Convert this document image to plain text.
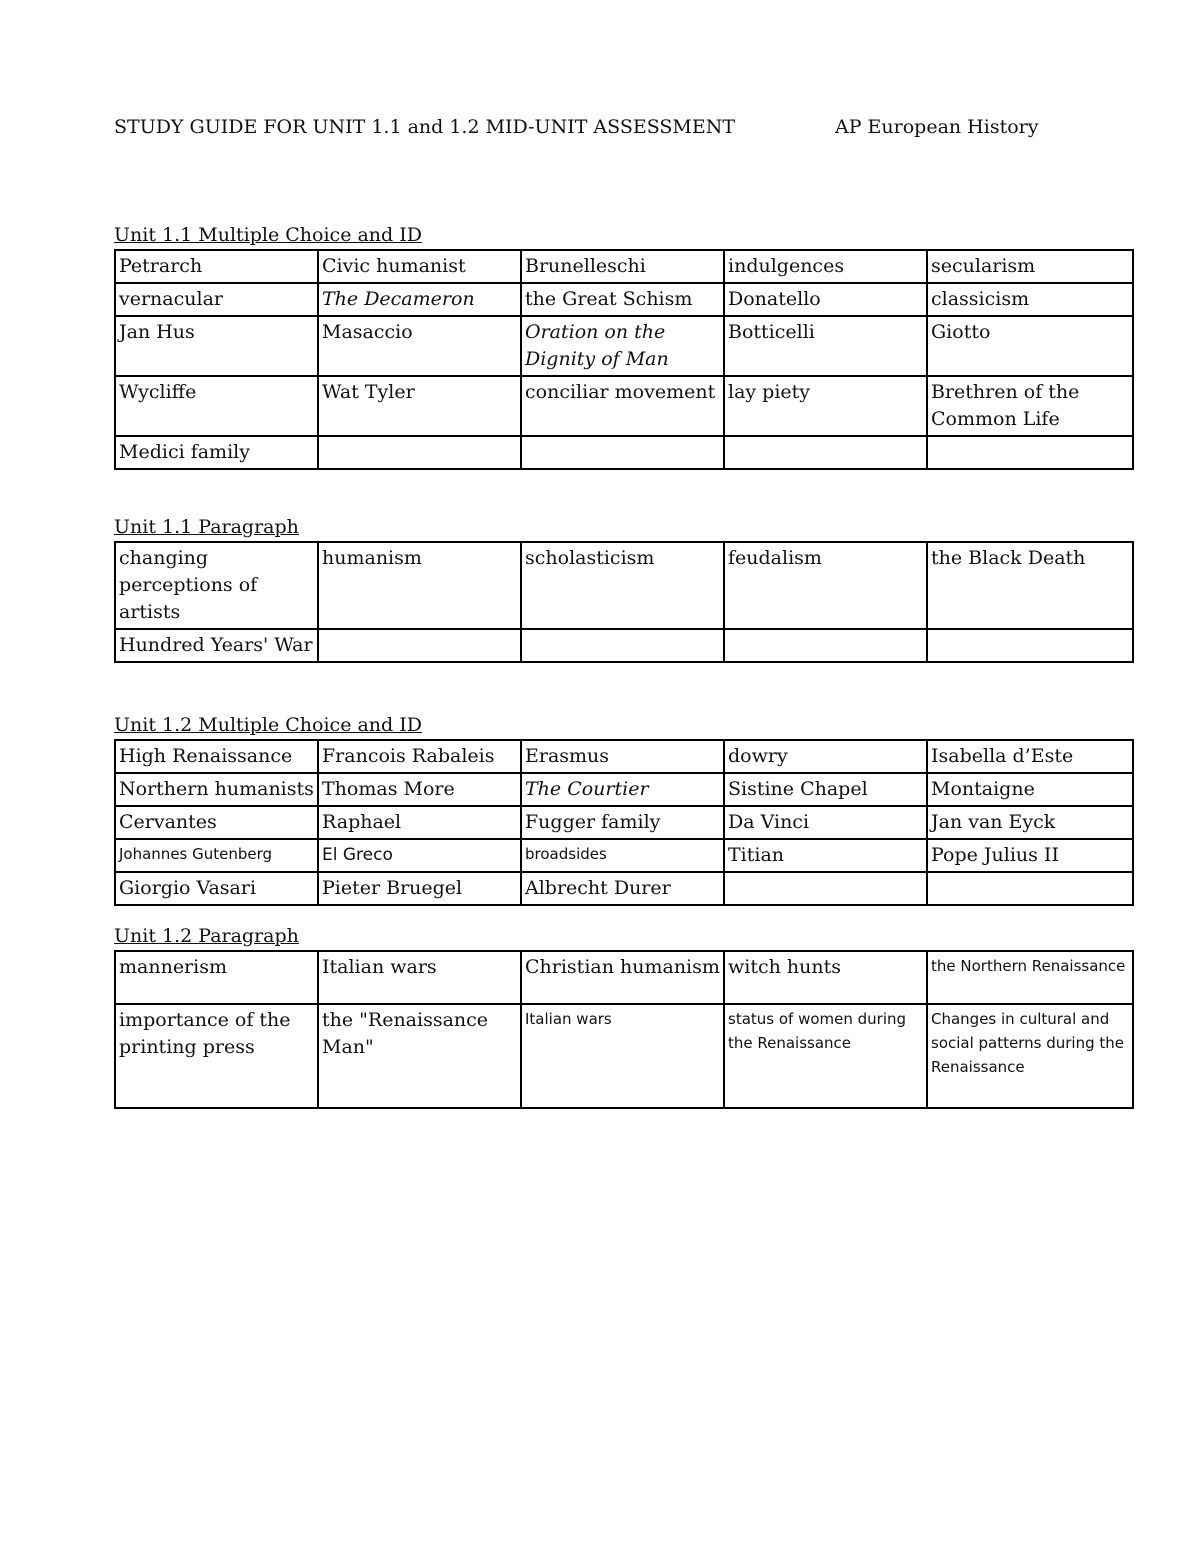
STUDY GUIDE FOR UNIT 1.1 and 1.2 MID-UNIT ASSESSMENT	AP European History
Unit 1.1 Multiple Choice and ID
Petrarch	Civic humanist	Brunelleschi	indulgences	secularism
vernacular	The Decameron	the Great Schism	Donatello	classicism
Jan Hus	Masaccio	Oration on the Dignity of Man	Botticelli	Giotto
Wycliffe	Wat Tyler	conciliar movement	lay piety	Brethren of the Common Life
Medici family				
Unit 1.1 Paragraph
changing perceptions of artists	humanism	scholasticism	feudalism	the Black Death
Hundred Years' War				
Unit 1.2 Multiple Choice and ID
High Renaissance	Francois Rabaleis	Erasmus	dowry	Isabella d’Este
Northern humanists	Thomas More	The Courtier	Sistine Chapel	Montaigne
Cervantes	Raphael	Fugger family	Da Vinci	Jan van Eyck
Johannes Gutenberg	El Greco	broadsides	Titian	Pope Julius II
Giorgio Vasari	Pieter Bruegel	Albrecht Durer		
Unit 1.2 Paragraph
mannerism	Italian wars	Christian humanism	witch hunts	the Northern Renaissance
importance of the printing press	the "Renaissance Man"	Italian wars	status of women during the Renaissance	Changes in cultural and social patterns during the Renaissance
